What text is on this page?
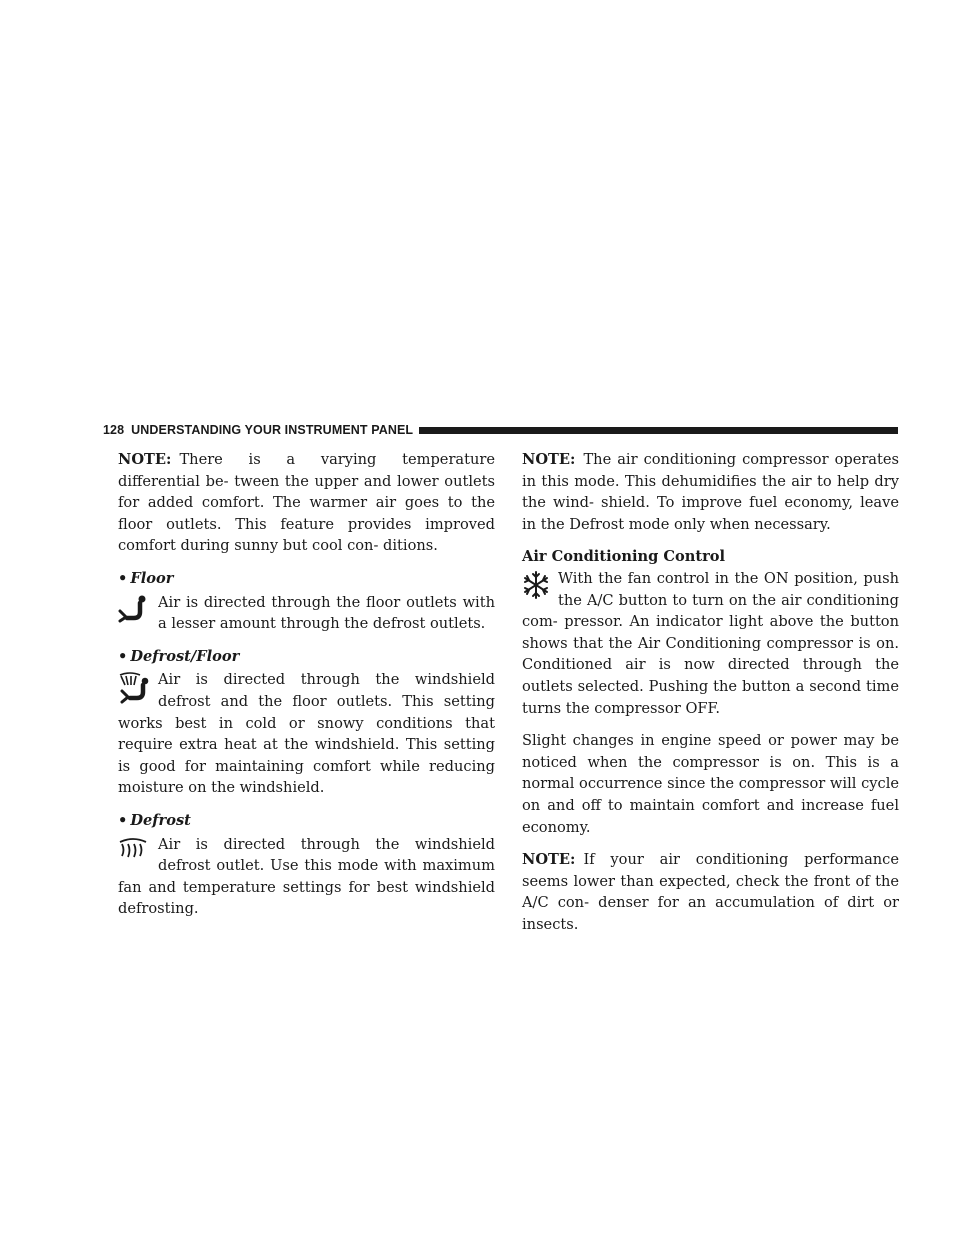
128 UNDERSTANDING YOUR INSTRUMENT PANEL

NOTE: There is a varying temperature differential be- tween the upper and lower outlets for added comfort. The warmer air goes to the floor outlets. This feature provides improved comfort during sunny but cool con- ditions.

• Floor

Air is directed through the floor outlets with a lesser amount through the defrost outlets.

• Defrost/Floor

Air is directed through the windshield defrost and the floor outlets. This setting works best in cold or snowy conditions that require extra heat at the windshield. This setting is good for maintaining comfort while reducing moisture on the windshield.

• Defrost

Air is directed through the windshield defrost outlet. Use this mode with maximum fan and temperature settings for best windshield defrosting.

NOTE: The air conditioning compressor operates in this mode. This dehumidifies the air to help dry the wind- shield. To improve fuel economy, leave in the Defrost mode only when necessary.

Air Conditioning Control

With the fan control in the ON position, push the A/C button to turn on the air conditioning com- pressor. An indicator light above the button shows that the Air Conditioning compressor is on. Conditioned air is now directed through the outlets selected. Pushing the button a second time turns the compressor OFF.

Slight changes in engine speed or power may be noticed when the compressor is on. This is a normal occurrence since the compressor will cycle on and off to maintain comfort and increase fuel economy.

NOTE: If your air conditioning performance seems lower than expected, check the front of the A/C con- denser for an accumulation of dirt or insects.
